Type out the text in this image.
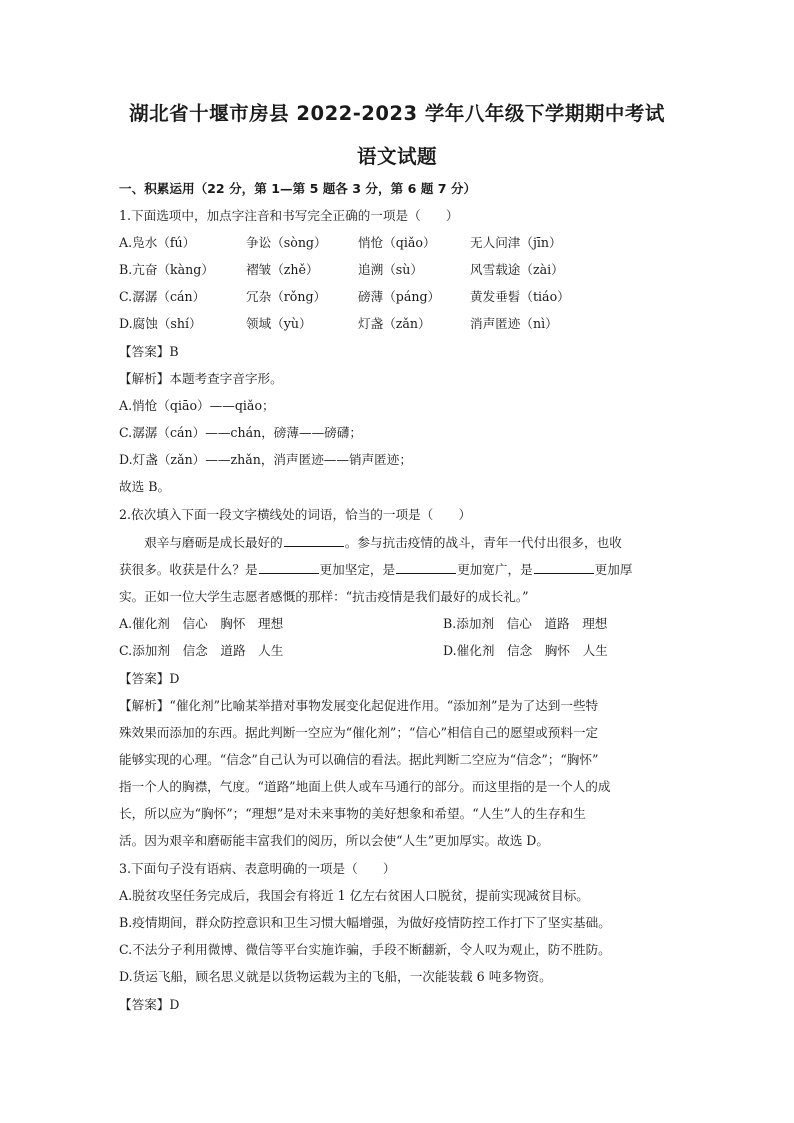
湖北省十堰市房县 2022-2023 学年八年级下学期期中考试
语文试题
一、积累运用（22 分，第 1—第 5 题各 3 分，第 6 题 7 分）
1.下面选项中，加点字注音和书写完全正确的一项是（　　）
A.凫水（fú）	争讼（sòng） 悄怆（qiǎo）	无人问津（jīn）
B.亢奋（kàng）	褶皱（zhě）	追溯（sù）	风雪载途（zài）
C.潺潺（cán）	冗杂（rǒng）	磅薄（páng） 黄发垂髫（tiáo）
D.腐蚀（shí）	领域（yù）	灯盏（zǎn）	消声匿迹（nì）
【答案】B
【解析】本题考查字音字形。
A.悄怆（qiāo）——qiǎo；
C.潺潺（cán）——chán，磅薄——磅礴；
D.灯盏（zǎn）——zhǎn，消声匿迹——销声匿迹；
故选 B。
2.依次填入下面一段文字横线处的词语，恰当的一项是（　　）
　　艰辛与磨砺是成长最好的	。参与抗击疫情的战斗，青年一代付出很多，也收
获很多。收获是什么？是	更加坚定，是	更加宽广，是	更加厚
实。正如一位大学生志愿者感慨的那样：“抗击疫情是我们最好的成长礼。”
A.催化剂　信心　胸怀　理想	B.添加剂　信心　道路　理想
C.添加剂　信念　道路　人生	D.催化剂　信念　胸怀　人生
【答案】D
【解析】“催化剂”比喻某举措对事物发展变化起促进作用。“添加剂”是为了达到一些特
殊效果而添加的东西。据此判断一空应为“催化剂”；“信心”相信自己的愿望或预料一定
能够实现的心理。“信念”自己认为可以确信的看法。据此判断二空应为“信念”；“胸怀”
指一个人的胸襟，气度。“道路”地面上供人或车马通行的部分。而这里指的是一个人的成
长，所以应为“胸怀”；“理想”是对未来事物的美好想象和希望。“人生”人的生存和生
活。因为艰辛和磨砺能丰富我们的阅历，所以会使“人生”更加厚实。故选 D。
3.下面句子没有语病、表意明确的一项是（　　）
A.脱贫攻坚任务完成后，我国会有将近 1 亿左右贫困人口脱贫，提前实现减贫目标。
B.疫情期间，群众防控意识和卫生习惯大幅增强，为做好疫情防控工作打下了坚实基础。
C.不法分子利用微博、微信等平台实施诈骗，手段不断翻新，令人叹为观止，防不胜防。
D.货运飞船，顾名思义就是以货物运载为主的飞船，一次能装载 6 吨多物资。
【答案】D
